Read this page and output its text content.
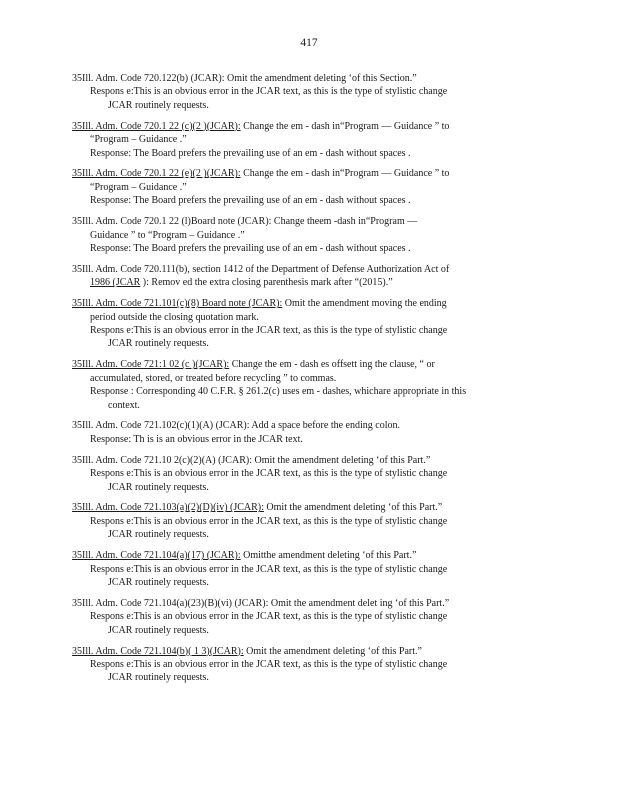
417
35Ill. Adm. Code 720.122(b) (JCAR): Omit the amendment deleting ‘of this Section.”
Respons e:This is an obvious error in the JCAR text, as this is the type of stylistic change
JCAR routinely requests.
35Ill. Adm. Code 720.1 22 (c)(2 )(JCAR): Change the em - dash in“Program — Guidance ” to
“Program – Guidance .”
Response: The Board prefers the prevailing use of an em - dash without spaces .
35Ill. Adm. Code 720.1 22 (e)(2 )(JCAR): Change the em - dash in“Program — Guidance ” to
“Program – Guidance .”
Response: The Board prefers the prevailing use of an em - dash without spaces .
35Ill. Adm. Code 720.1 22 (l)Board note (JCAR): Change theem -dash in“Program —
Guidance ” to “Program – Guidance .”
Response: The Board prefers the prevailing use of an em - dash without spaces .
35Ill. Adm. Code 720.111(b), section 1412 of the Department of Defense Authorization Act of
1986 (JCAR ): Remov ed the extra closing parenthesis mark after “(2015).”
35Ill. Adm. Code 721.101(c)(8) Board note (JCAR): Omit the amendment moving the ending
period outside the closing quotation mark.
Respons e:This is an obvious error in the JCAR text, as this is the type of stylistic change
JCAR routinely requests.
35Ill. Adm. Code 721:1 02 (c )(JCAR): Change the em - dash es offsett ing the clause, “ or
accumulated, stored, or treated before recycling ” to commas.
Response : Corresponding 40 C.F.R. § 261.2(c) uses em - dashes, whichare appropriate in this
context.
35Ill. Adm. Code 721.102(c)(1)(A) (JCAR): Add a space before the ending colon.
Response: Th is is an obvious error in the JCAR text.
35Ill. Adm. Code 721.10 2(c)(2)(A) (JCAR): Omit the amendment deleting ‘of this Part.”
Respons e:This is an obvious error in the JCAR text, as this is the type of stylistic change
JCAR routinely requests.
35Ill. Adm. Code 721.103(a)(2)(D)(iv) (JCAR): Omit the amendment deleting ‘of this Part.”
Respons e:This is an obvious error in the JCAR text, as this is the type of stylistic change
JCAR routinely requests.
35Ill. Adm. Code 721.104(a)(17) (JCAR): Omitthe amendment deleting ‘of this Part.”
Respons e:This is an obvious error in the JCAR text, as this is the type of stylistic change
JCAR routinely requests.
35Ill. Adm. Code 721.104(a)(23)(B)(vi) (JCAR): Omit the amendment delet ing ‘of this Part.”
Respons e:This is an obvious error in the JCAR text, as this is the type of stylistic change
JCAR routinely requests.
35Ill. Adm. Code 721.104(b)( 1 3)(JCAR): Omit the amendment deleting ‘of this Part.”
Respons e:This is an obvious error in the JCAR text, as this is the type of stylistic change
JCAR routinely requests.
